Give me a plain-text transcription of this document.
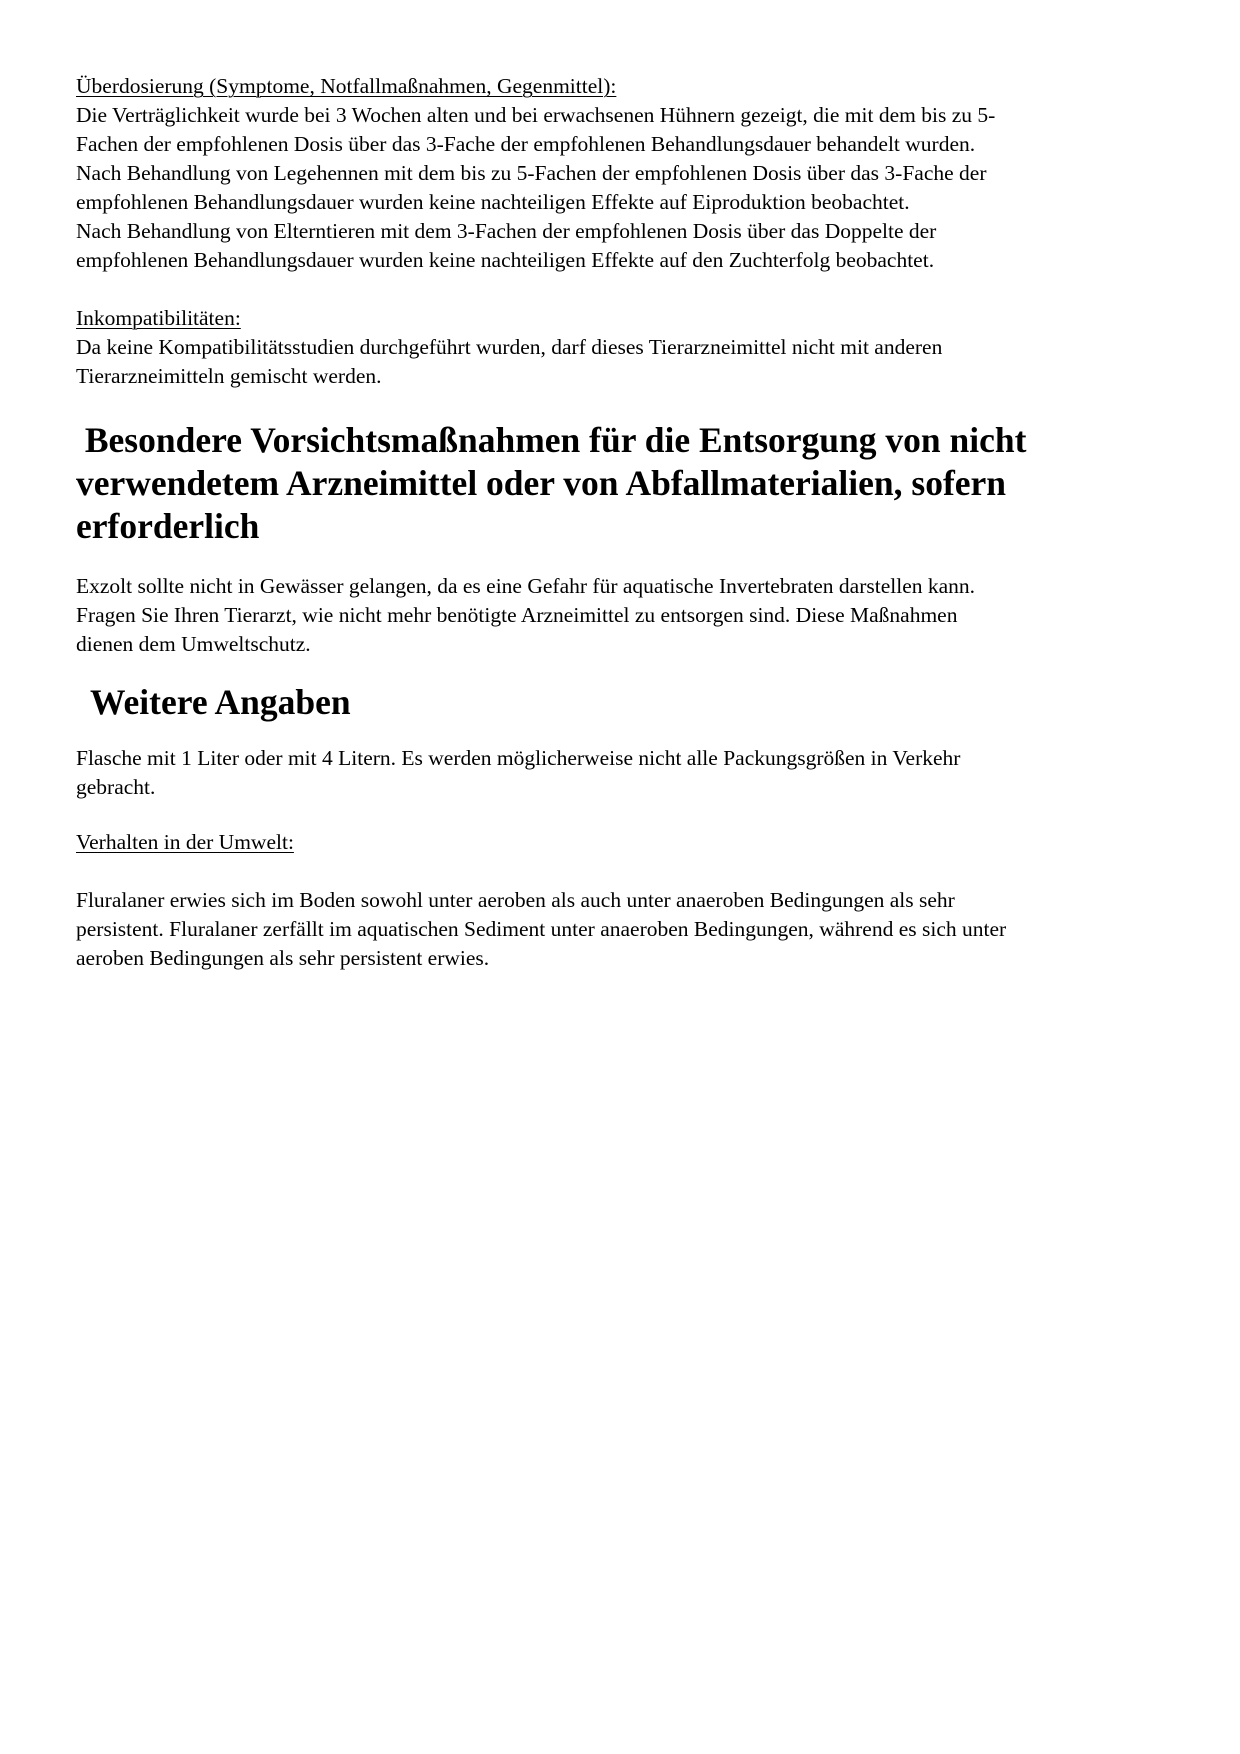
Überdosierung (Symptome, Notfallmaßnahmen, Gegenmittel):

Die Verträglichkeit wurde bei 3 Wochen alten und bei erwachsenen Hühnern gezeigt, die mit dem bis zu 5-
Fachen der empfohlenen Dosis über das 3-Fache der empfohlenen Behandlungsdauer behandelt wurden.
Nach Behandlung von Legehennen mit dem bis zu 5-Fachen der empfohlenen Dosis über das 3-Fache der
empfohlenen Behandlungsdauer wurden keine nachteiligen Effekte auf Eiproduktion beobachtet.
Nach Behandlung von Elterntieren mit dem 3-Fachen der empfohlenen Dosis über das Doppelte der
empfohlenen Behandlungsdauer wurden keine nachteiligen Effekte auf den Zuchterfolg beobachtet.

Inkompatibilitäten:

Da keine Kompatibilitätsstudien durchgeführt wurden, darf dieses Tierarzneimittel nicht mit anderen
Tierarzneimitteln gemischt werden.

Besondere Vorsichtsmaßnahmen für die Entsorgung von nicht
verwendetem Arzneimittel oder von Abfallmaterialien, sofern
erforderlich

Exzolt sollte nicht in Gewässer gelangen, da es eine Gefahr für aquatische Invertebraten darstellen kann.
Fragen Sie Ihren Tierarzt, wie nicht mehr benötigte Arzneimittel zu entsorgen sind. Diese Maßnahmen
dienen dem Umweltschutz.

Weitere Angaben

Flasche mit 1 Liter oder mit 4 Litern. Es werden möglicherweise nicht alle Packungsgrößen in Verkehr
gebracht.

Verhalten in der Umwelt:

Fluralaner erwies sich im Boden sowohl unter aeroben als auch unter anaeroben Bedingungen als sehr
persistent. Fluralaner zerfällt im aquatischen Sediment unter anaeroben Bedingungen, während es sich unter
aeroben Bedingungen als sehr persistent erwies.
